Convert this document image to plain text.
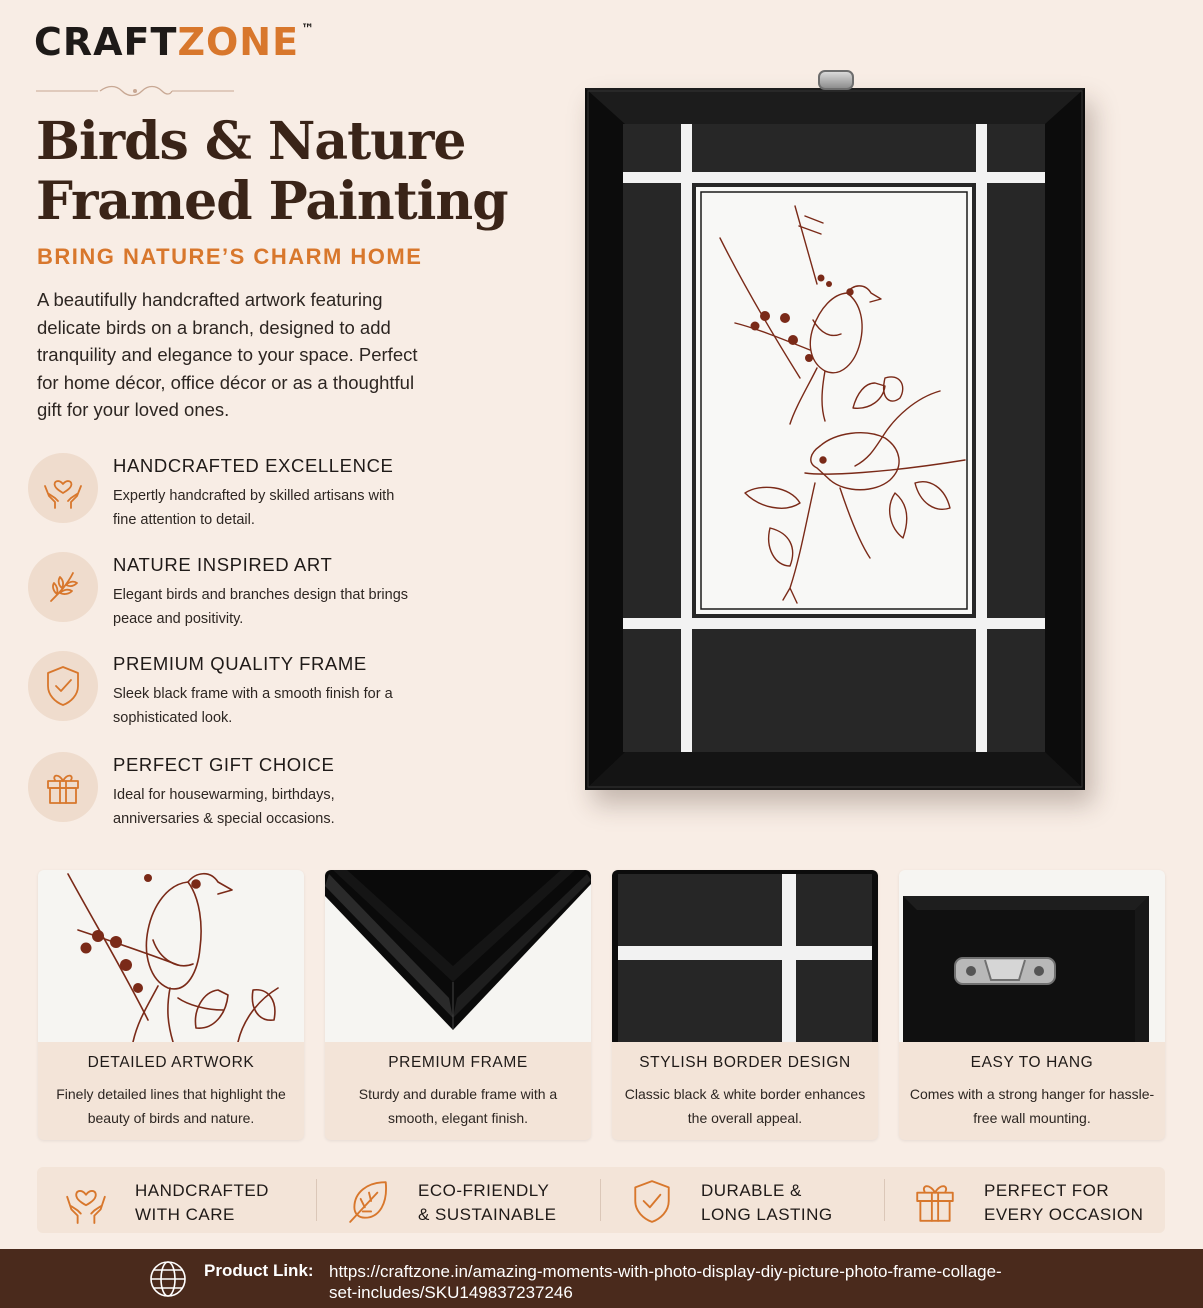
CRAFTZONE ™
Birds & Nature
Framed Painting
BRING NATURE’S CHARM HOME
A beautifully handcrafted artwork featuring delicate birds on a branch, designed to add tranquility and elegance to your space. Perfect for home décor, office décor or as a thoughtful gift for your loved ones.
HANDCRAFTED EXCELLENCE
Expertly handcrafted by skilled artisans with fine attention to detail.
NATURE INSPIRED ART
Elegant birds and branches design that brings peace and positivity.
PREMIUM QUALITY FRAME
Sleek black frame with a smooth finish for a sophisticated look.
PERFECT GIFT CHOICE
Ideal for housewarming, birthdays, anniversaries & special occasions.
DETAILED ARTWORK
Finely detailed lines that highlight the beauty of birds and nature.
PREMIUM FRAME
Sturdy and durable frame with a smooth, elegant finish.
STYLISH BORDER DESIGN
Classic black & white border enhances the overall appeal.
EASY TO HANG
Comes with a strong hanger for hassle-free wall mounting.
HANDCRAFTED
WITH CARE
ECO-FRIENDLY
& SUSTAINABLE
DURABLE &
LONG LASTING
PERFECT FOR
EVERY OCCASION
Product Link: https://craftzone.in/amazing-moments-with-photo-display-diy-picture-photo-frame-collage-set-includes/SKU149837237246
